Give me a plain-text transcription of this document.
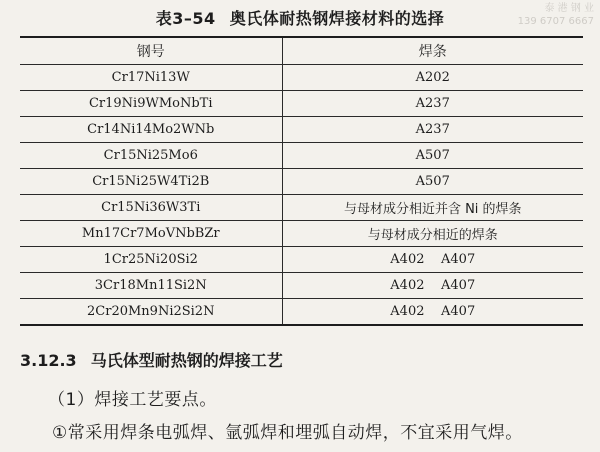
泰 港 钢 业
139 6707 6667
表3–54 奥氏体耐热钢焊接材料的选择
钢号	焊条
Cr17Ni13W	A202
Cr19Ni9WMoNbTi	A237
Cr14Ni14Mo2WNb	A237
Cr15Ni25Mo6	A507
Cr15Ni25W4Ti2B	A507
Cr15Ni36W3Ti	与母材成分相近并含 Ni 的焊条
Mn17Cr7MoVNbBZr	与母材成分相近的焊条
1Cr25Ni20Si2	A402    A407
3Cr18Mn11Si2N	A402    A407
2Cr20Mn9Ni2Si2N	A402    A407
3.12.3 马氏体型耐热钢的焊接工艺
（1）焊接工艺要点。
①常采用焊条电弧焊、氩弧焊和埋弧自动焊，不宜采用气焊。
